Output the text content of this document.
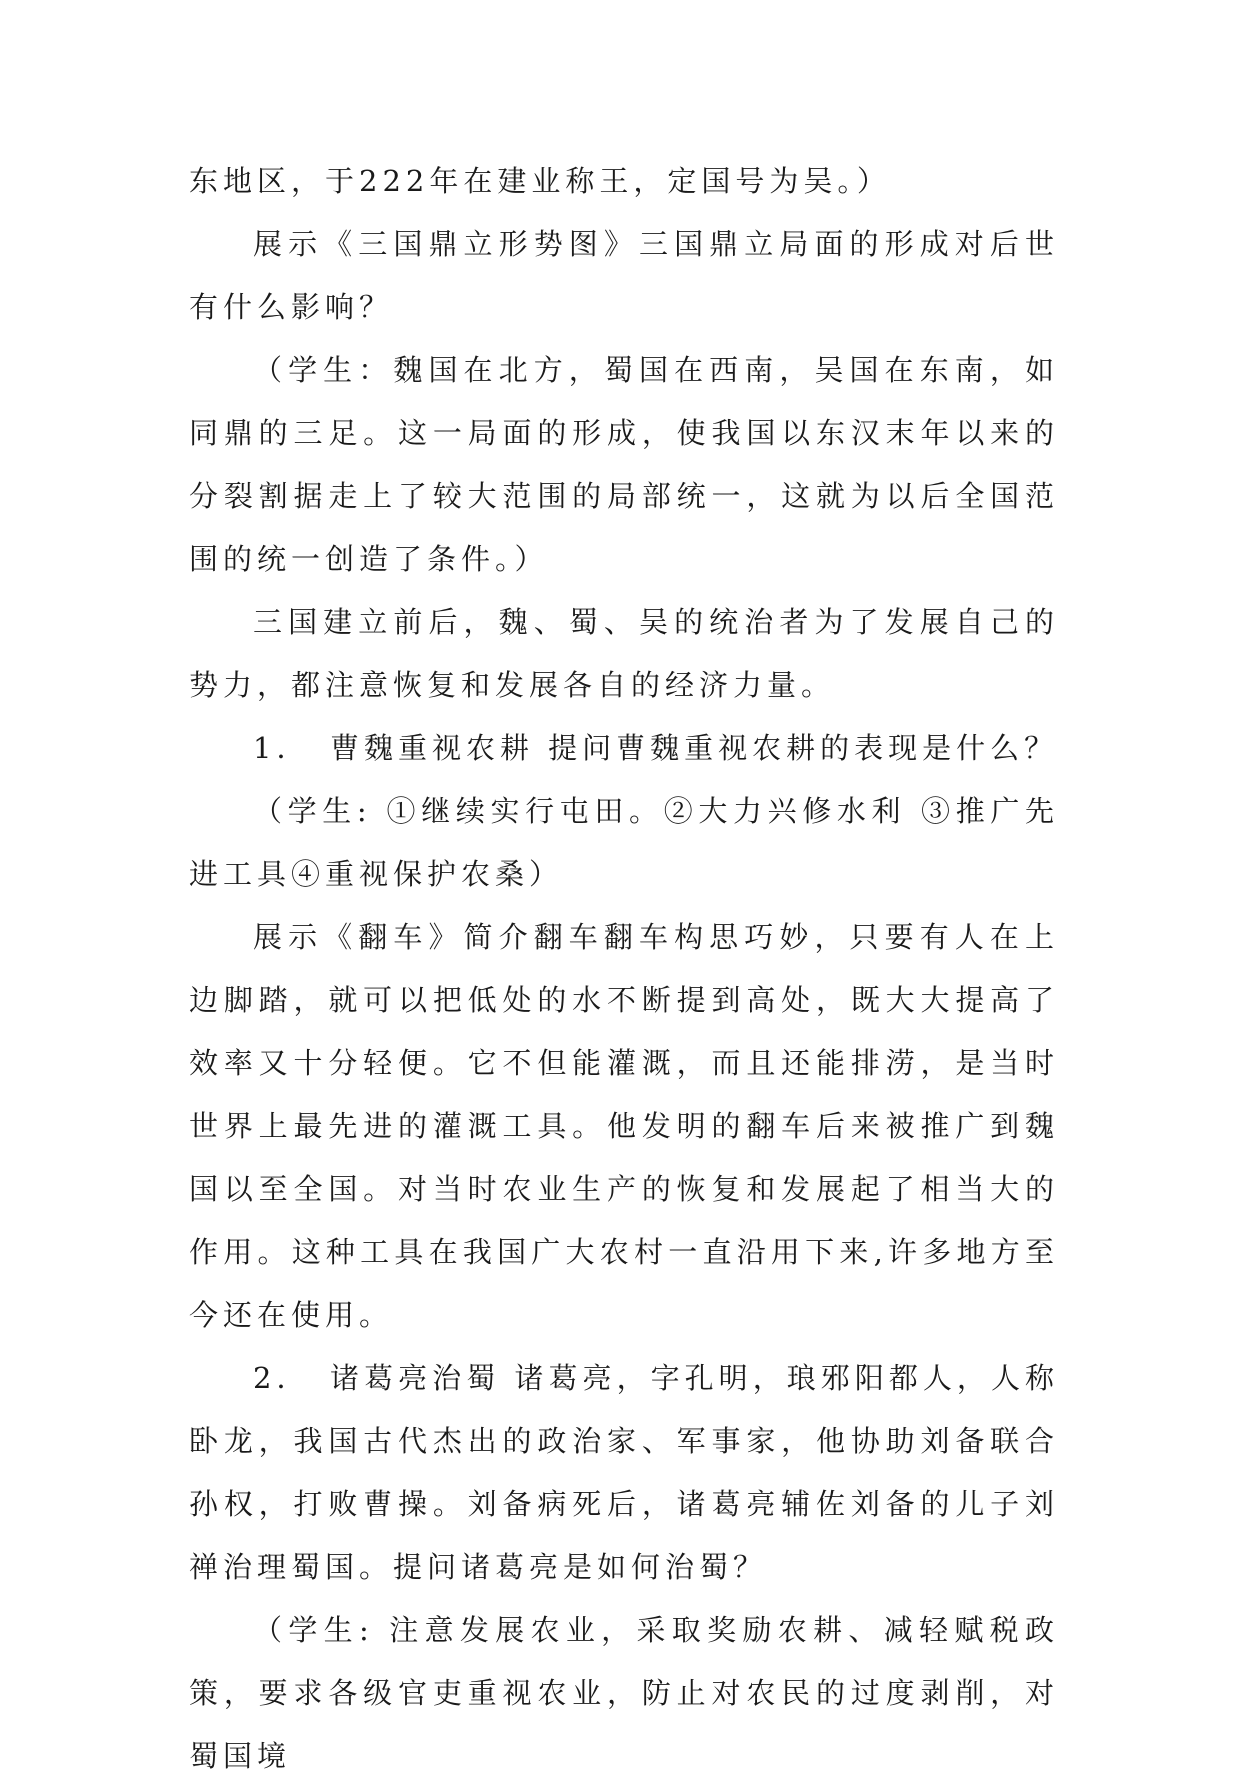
东地区，于222年在建业称王，定国号为吴。）

展示《三国鼎立形势图》三国鼎立局面的形成对后世有什么影响？

（学生：魏国在北方，蜀国在西南，吴国在东南，如同鼎的三足。这一局面的形成，使我国以东汉末年以来的分裂割据走上了较大范围的局部统一，这就为以后全国范围的统一创造了条件。）

三国建立前后，魏、蜀、吴的统治者为了发展自己的势力，都注意恢复和发展各自的经济力量。

1．　曹魏重视农耕 提问曹魏重视农耕的表现是什么？

（学生: ①继续实行屯田。②大力兴修水利 ③推广先进工具④重视保护农桑）

展示《翻车》简介翻车翻车构思巧妙，只要有人在上边脚踏，就可以把低处的水不断提到高处，既大大提高了效率又十分轻便。它不但能灌溉，而且还能排涝，是当时世界上最先进的灌溉工具。他发明的翻车后来被推广到魏国以至全国。对当时农业生产的恢复和发展起了相当大的作用。这种工具在我国广大农村一直沿用下来,许多地方至今还在使用。

2．　诸葛亮治蜀 诸葛亮，字孔明，琅邪阳都人，人称卧龙，我国古代杰出的政治家、军事家，他协助刘备联合孙权，打败曹操。刘备病死后，诸葛亮辅佐刘备的儿子刘禅治理蜀国。提问诸葛亮是如何治蜀？

（学生: 注意发展农业，采取奖励农耕、减轻赋税政策，要求各级官吏重视农业，防止对农民的过度剥削，对蜀国境
